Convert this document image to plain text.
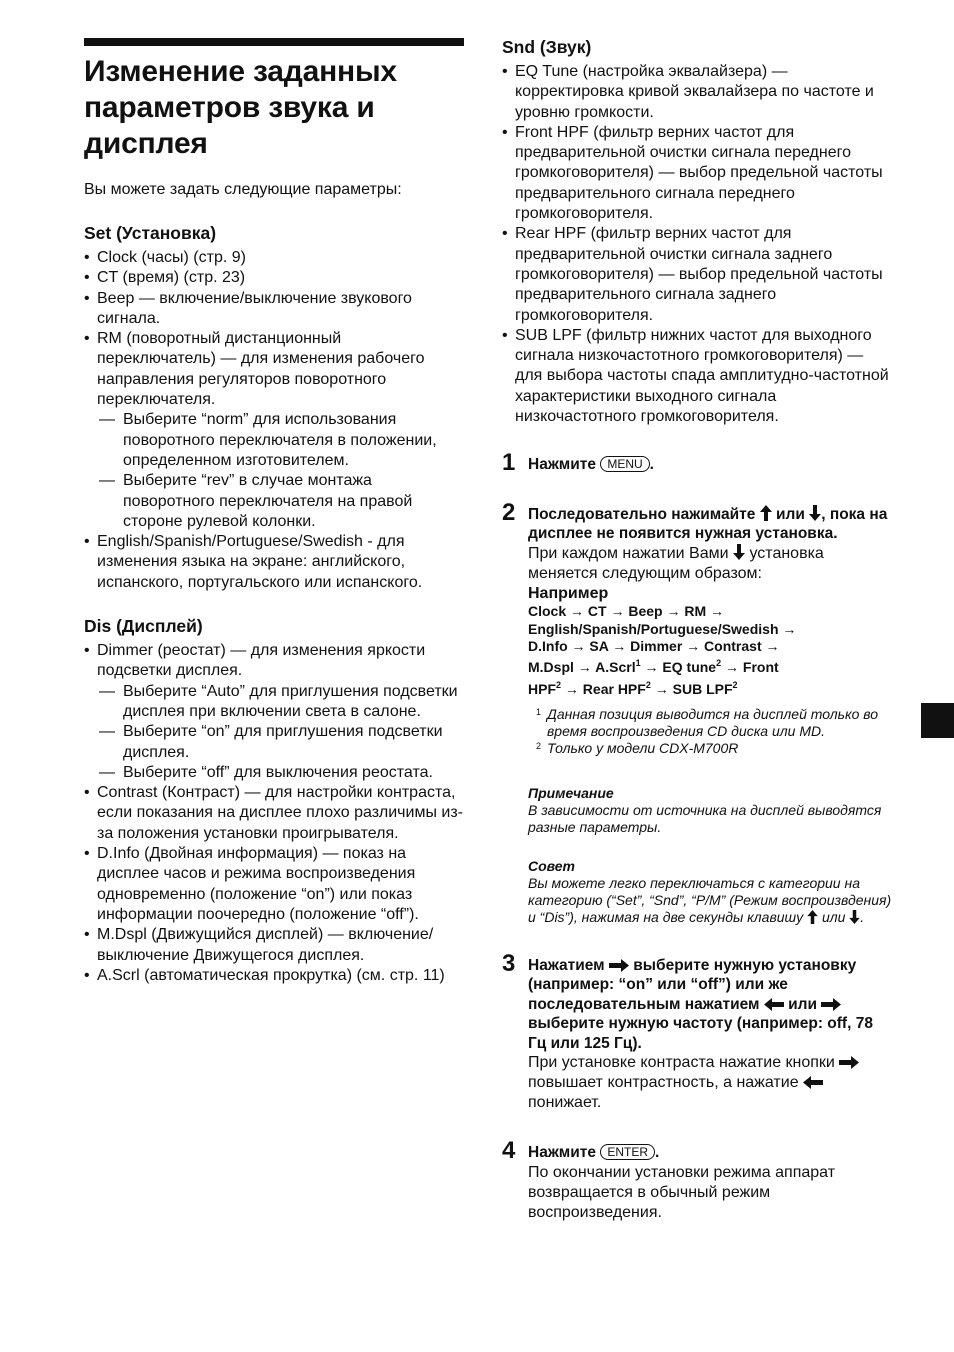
Изменение заданных параметров звука и дисплея

Вы можете задать следующие параметры:

Set (Установка)
• Clock (часы) (стр. 9)
• CT (время) (стр. 23)
• Beep — включение/выключение звукового сигнала.
• RM (поворотный дистанционный переключатель) — для изменения рабочего направления регуляторов поворотного переключателя.
— Выберите “norm” для использования поворотного переключателя в положении, определенном изготовителем.
— Выберите “rev” в случае монтажа поворотного переключателя на правой стороне рулевой колонки.
• English/Spanish/Portuguese/Swedish - для изменения языка на экране: английского, испанского, португальского или испанского.
Dis (Дисплей)
• Dimmer (реостат) — для изменения яркости подсветки дисплея.
— Выберите “Auto” для приглушения подсветки дисплея при включении света в салоне.
— Выберите “on” для приглушения подсветки дисплея.
— Выберите “off” для выключения реостата.
• Contrast (Контраст) — для настройки контраста, если показания на дисплее плохо различимы из-за положения установки проигрывателя.
• D.Info (Двойная информация) — показ на дисплее часов и режима воспроизведения одновременно (положение “on”) или показ информации поочередно (положение “off”).
• M.Dspl (Движущийся дисплей) — включение/выключение Движущегося дисплея.
• A.Scrl (автоматическая прокрутка) (см. стр. 11)
Snd (Звук)
• EQ Tune (настройка эквалайзера) — корректировка кривой эквалайзера по частоте и уровню громкости.
• Front HPF (фильтр верних частот для предварительной очистки сигнала переднего громкоговорителя) — выбор предельной частоты предварительного сигнала переднего громкоговорителя.
• Rear HPF (фильтр верних частот для предварительной очистки сигнала заднего громкоговорителя) — выбор предельной частоты предварительного сигнала заднего громкоговорителя.
• SUB LPF (фильтр нижних частот для выходного сигнала низкочастотного громкоговорителя) — для выбора частоты спада амплитудно-частотной характеристики выходного сигнала низкочастотного громкоговорителя.
1 Нажмите MENU .
2 Последовательно нажимайте или , пока на дисплее не появится нужная установка.
При каждом нажатии Вами установка меняется следующим образом:
Например
Clock → CT → Beep → RM →
English/Spanish/Portuguese/Swedish →
D.Info → SA → Dimmer → Contrast →
M.Dspl → A.Scrl$^1$ → EQ tune$^2$ → Front
$HPF^2$ → Rear $HPF^2$ → SUB LPF$^2$
1 Данная позиция выводится на дисплей только во время воспроизведения CD диска или MD.
2 Только у модели CDX-M700R
Примечание
В зависимости от источника на дисплей выводятся разные параметры.
Совет
Вы можете легко переключаться с категории на категорию (“Set”, “Snd”, “P/M” (Режим воспроизвдения) и “Dis”), нажимая на две секунды клавишу или .
3 Нажатием выберите нужную установку (например: “on” или “off”) или же последовательным нажатием или  выберите нужную частоту (например: off, 78 Гц или 125 Гц).
При установке контраста нажатие кнопки  повышает контрастность, а нажатие  понижает.
4 Нажмите ENTER .
По окончании установки режима аппарат возвращается в обычный режим воспроизведения.
